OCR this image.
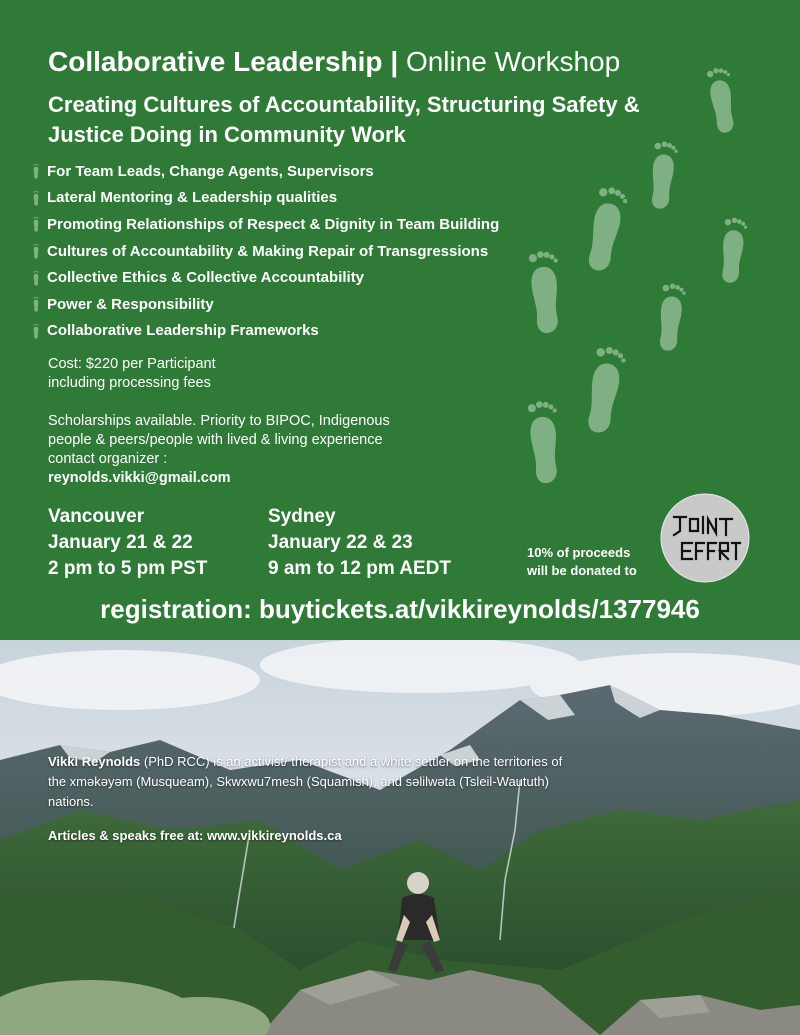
Collaborative Leadership | Online Workshop
Creating Cultures of Accountability, Structuring Safety & Justice Doing in Community Work
For Team Leads, Change Agents, Supervisors
Lateral Mentoring & Leadership qualities
Promoting Relationships of Respect & Dignity in Team Building
Cultures of Accountability & Making Repair of Transgressions
Collective Ethics & Collective Accountability
Power & Responsibility
Collaborative Leadership Frameworks
Cost: $220 per Participant
including processing fees
Scholarships available. Priority to BIPOC, Indigenous people & peers/people with lived & living experience contact organizer :
reynolds.vikki@gmail.com
Vancouver
January 21 & 22
2 pm to 5 pm PST
Sydney
January 22 & 23
9 am to 12 pm AEDT
10% of proceeds
will be donated to
registration: buytickets.at/vikkireynolds/1377946
Vikki Reynolds (PhD RCC) is an activist/ therapist and a white settler on the territories of the xməkəyəm (Musqueam), Skwxwu7mesh (Squamish), and səlilwəta (Tsleil-Waututh) nations.
Articles & speaks free at: www.vikkireynolds.ca
